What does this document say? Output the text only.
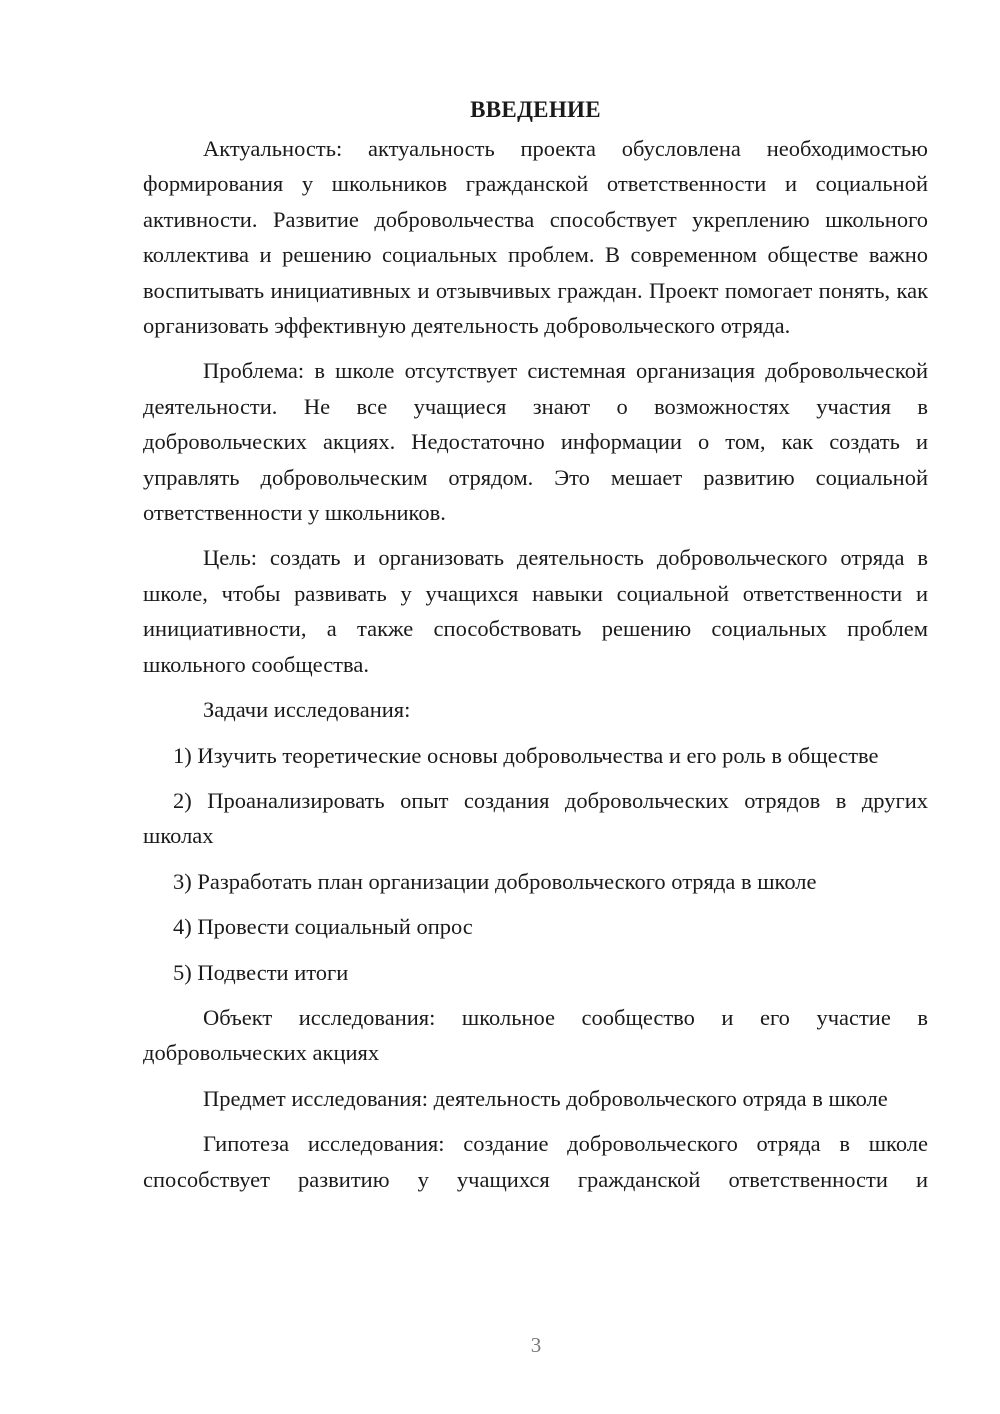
ВВЕДЕНИЕ

Актуальность: актуальность проекта обусловлена необходимостью формирования у школьников гражданской ответственности и социальной активности. Развитие добровольчества способствует укреплению школьного коллектива и решению социальных проблем. В современном обществе важно воспитывать инициативных и отзывчивых граждан. Проект помогает понять, как организовать эффективную деятельность добровольческого отряда.

Проблема: в школе отсутствует системная организация добровольческой деятельности. Не все учащиеся знают о возможностях участия в добровольческих акциях. Недостаточно информации о том, как создать и управлять добровольческим отрядом. Это мешает развитию социальной ответственности у школьников.

Цель: создать и организовать деятельность добровольческого отряда в школе, чтобы развивать у учащихся навыки социальной ответственности и инициативности, а также способствовать решению социальных проблем школьного сообщества.

Задачи исследования:

1) Изучить теоретические основы добровольчества и его роль в обществе

2) Проанализировать опыт создания добровольческих отрядов в других школах

3) Разработать план организации добровольческого отряда в школе

4) Провести социальный опрос

5) Подвести итоги

Объект исследования: школьное сообщество и его участие в добровольческих акциях

Предмет исследования: деятельность добровольческого отряда в школе

Гипотеза исследования: создание добровольческого отряда в школе способствует развитию у учащихся гражданской ответственности и

3
